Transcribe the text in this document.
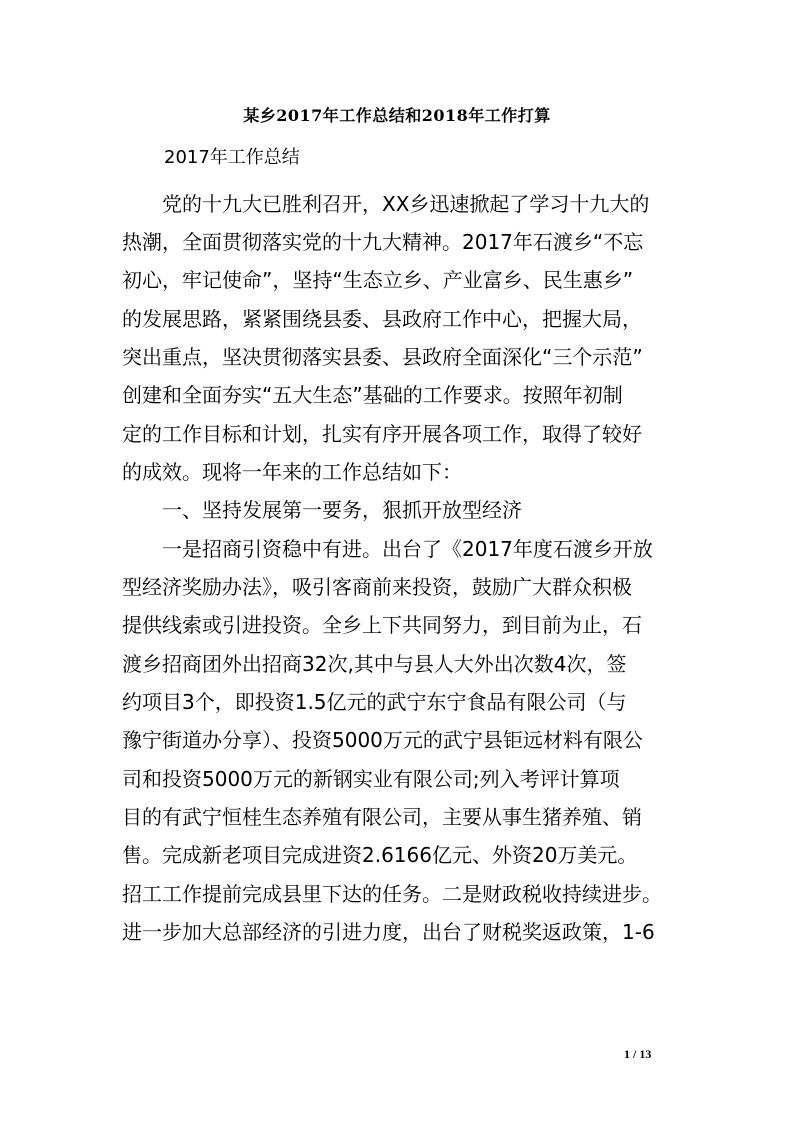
某乡2017年工作总结和2018年工作打算
2017年工作总结
党的十九大已胜利召开，XX乡迅速掀起了学习十九大的
热潮，全面贯彻落实党的十九大精神。2017年石渡乡“不忘
初心，牢记使命”，坚持“生态立乡、产业富乡、民生惠乡”
的发展思路，紧紧围绕县委、县政府工作中心，把握大局，
突出重点，坚决贯彻落实县委、县政府全面深化“三个示范”
创建和全面夯实“五大生态”基础的工作要求。按照年初制
定的工作目标和计划，扎实有序开展各项工作，取得了较好
的成效。现将一年来的工作总结如下：
一、坚持发展第一要务，狠抓开放型经济
一是招商引资稳中有进。出台了《2017年度石渡乡开放
型经济奖励办法》，吸引客商前来投资，鼓励广大群众积极
提供线索或引进投资。全乡上下共同努力，到目前为止，石
渡乡招商团外出招商32次,其中与县人大外出次数4次，签
约项目3个，即投资1.5亿元的武宁东宁食品有限公司（与
豫宁街道办分享）、投资5000万元的武宁县钜远材料有限公
司和投资5000万元的新钢实业有限公司;列入考评计算项
目的有武宁恒桂生态养殖有限公司，主要从事生猪养殖、销
售。完成新老项目完成进资2.6166亿元、外资20万美元。
招工工作提前完成县里下达的任务。二是财政税收持续进步。
进一步加大总部经济的引进力度，出台了财税奖返政策，1-6
1 / 13
